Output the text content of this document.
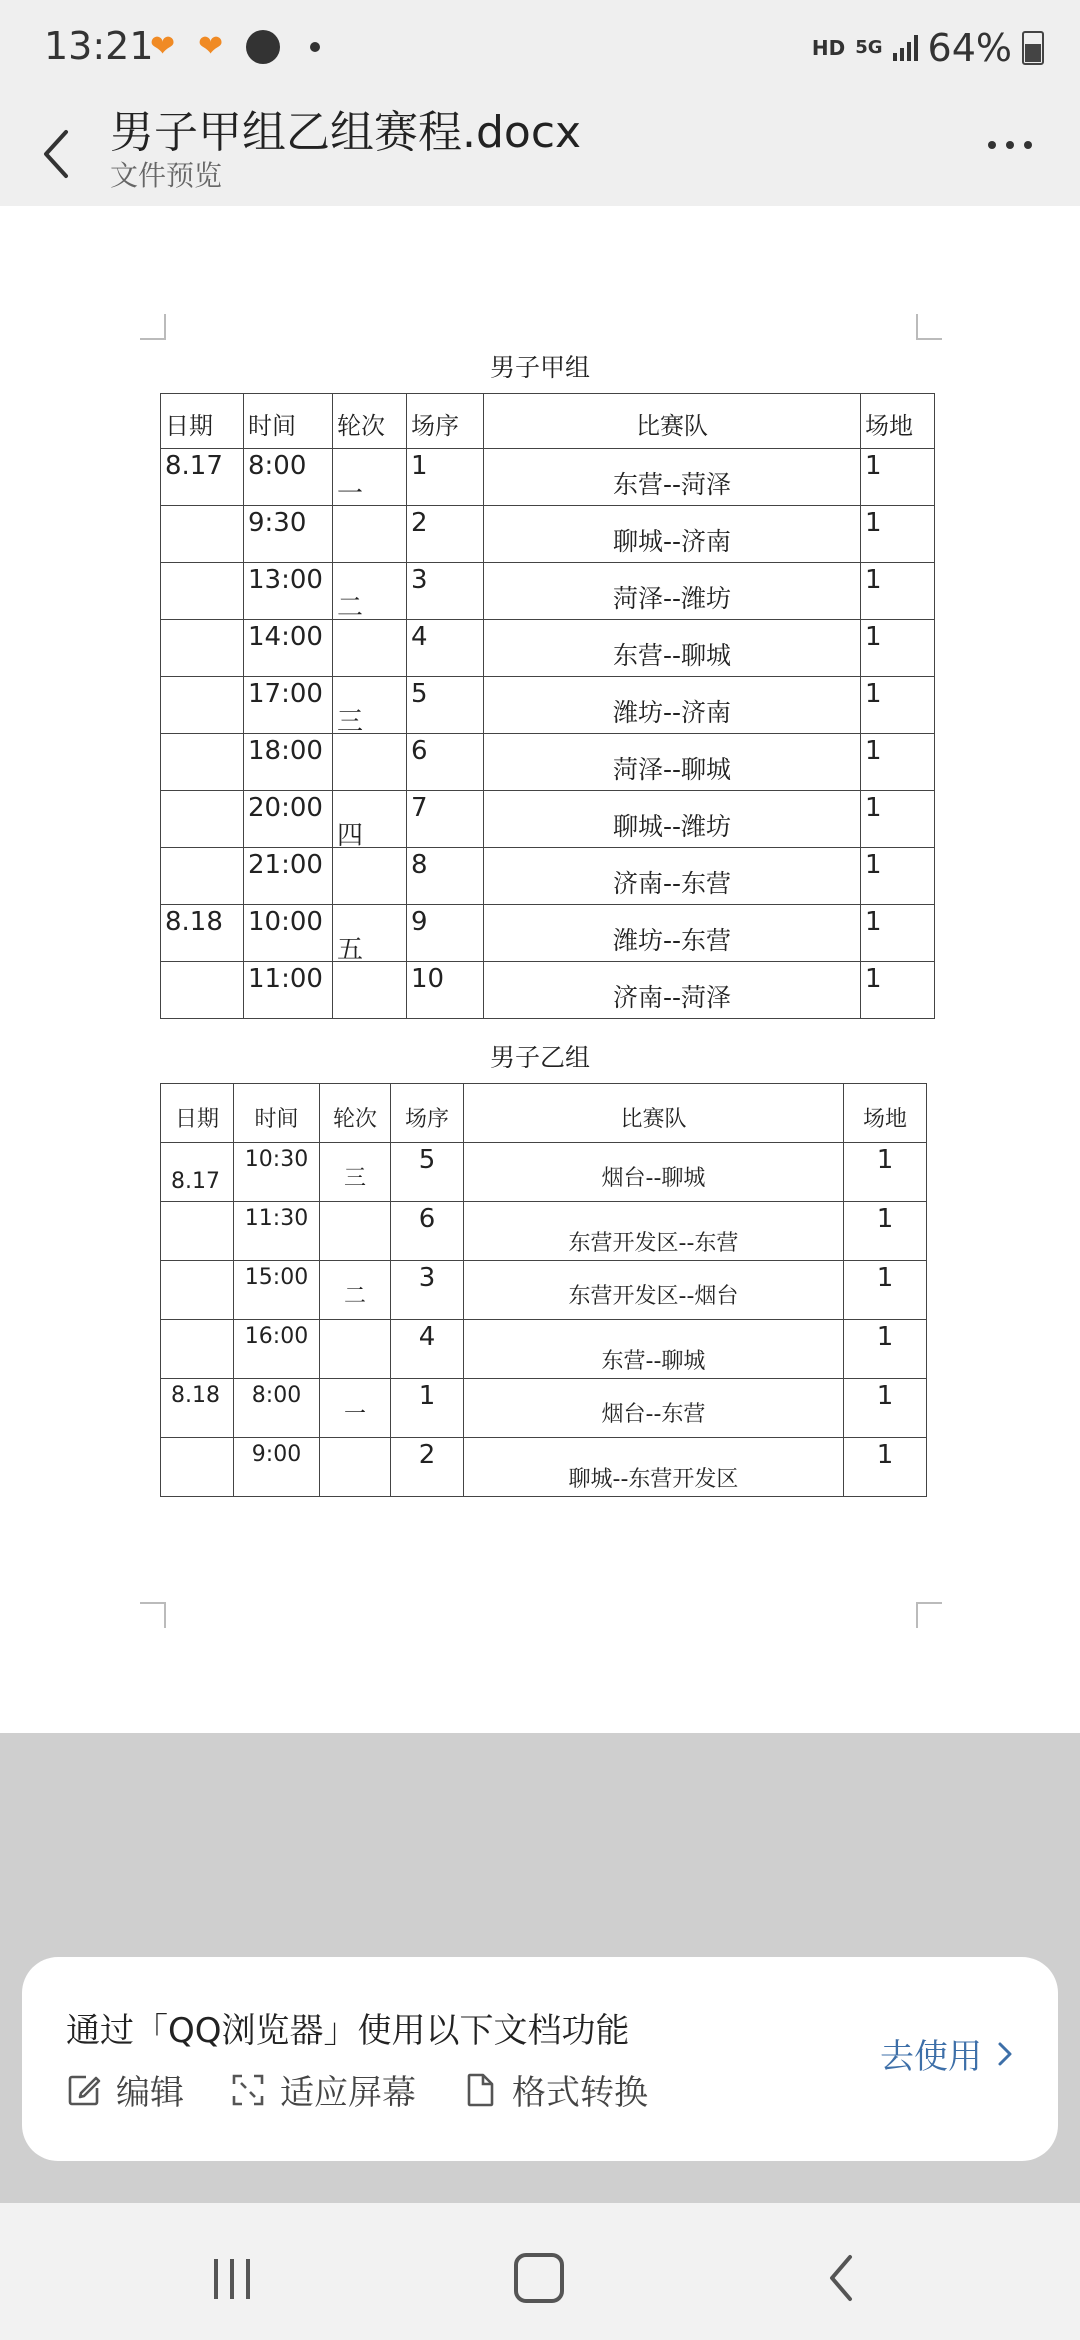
13:21
❤ ❤	HD 5G 64%
男子甲组乙组赛程.docx
文件预览
男子甲组
日期	时间	轮次	场序	比赛队	场地

8.17	8:00	一	1	东营--菏泽	1

	9:30		2	聊城--济南	1

	13:00	二	3	菏泽--潍坊	1

	14:00		4	东营--聊城	1

	17:00	三	5	潍坊--济南	1

	18:00		6	菏泽--聊城	1

	20:00	四	7	聊城--潍坊	1

	21:00		8	济南--东营	1

8.18	10:00	五	9	潍坊--东营	1

	11:00		10	济南--菏泽	1
男子乙组
日期	时间	轮次	场序	比赛队	场地

8.17	10:30	三	5	烟台--聊城	1

	11:30		6	东营开发区--东营	1

	15:00	二	3	东营开发区--烟台	1

	16:00		4	东营--聊城	1

8.18	8:00	一	1	烟台--东营	1

	9:00		2	聊城--东营开发区	1
通过「QQ浏览器」使用以下文档功能
编辑	适应屏幕	格式转换
去使用
